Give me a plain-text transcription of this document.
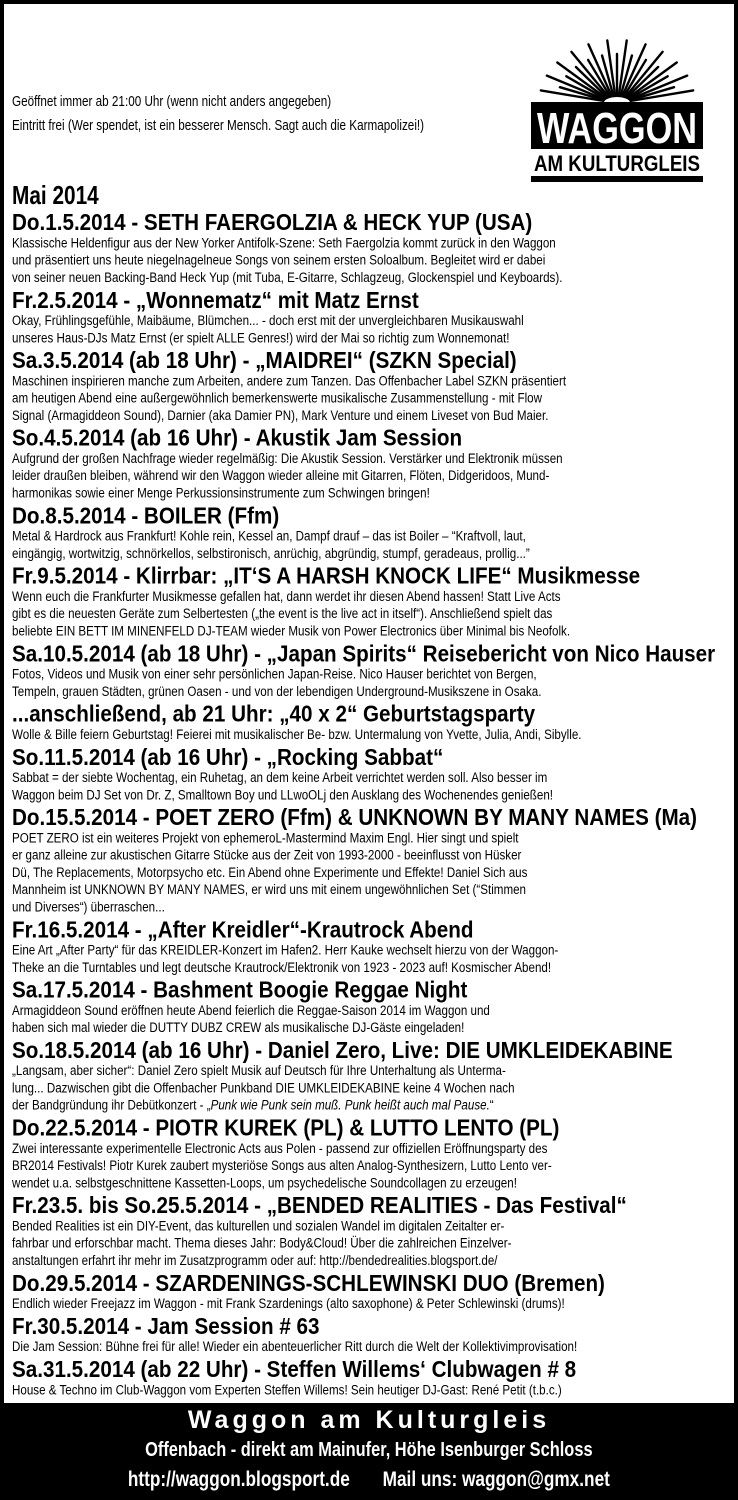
Geöffnet immer ab 21:00 Uhr (wenn nicht anders angegeben)
Eintritt frei (Wer spendet, ist ein besserer Mensch. Sagt auch die Karmapolizei!)	WAGGON
AM KULTURGLEIS
Mai 2014
Do.1.5.2014 - SETH FAERGOLZIA & HECK YUP (USA)
Klassische Heldenfigur aus der New Yorker Antifolk-Szene: Seth Faergolzia kommt zurück in den Waggon
und präsentiert uns heute niegelnagelneue Songs von seinem ersten Soloalbum. Begleitet wird er dabei
von seiner neuen Backing-Band Heck Yup (mit Tuba, E-Gitarre, Schlagzeug, Glockenspiel und Keyboards).
Fr.2.5.2014 - „Wonnematz“ mit Matz Ernst
Okay, Frühlingsgefühle, Maibäume, Blümchen... - doch erst mit der unvergleichbaren Musikauswahl
unseres Haus-DJs Matz Ernst (er spielt ALLE Genres!) wird der Mai so richtig zum Wonnemonat!
Sa.3.5.2014 (ab 18 Uhr) - „MAIDREI“ (SZKN Special)
Maschinen inspirieren manche zum Arbeiten, andere zum Tanzen. Das Offenbacher Label SZKN präsentiert
am heutigen Abend eine außergewöhnlich bemerkenswerte musikalische Zusammenstellung - mit Flow
Signal (Armagiddeon Sound), Darnier (aka Damier PN), Mark Venture und einem Liveset von Bud Maier.
So.4.5.2014 (ab 16 Uhr) - Akustik Jam Session
Aufgrund der großen Nachfrage wieder regelmäßig: Die Akustik Session. Verstärker und Elektronik müssen
leider draußen bleiben, während wir den Waggon wieder alleine mit Gitarren, Flöten, Didgeridoos, Mund-
harmonikas sowie einer Menge Perkussionsinstrumente zum Schwingen bringen!
Do.8.5.2014 - BOILER (Ffm)
Metal & Hardrock aus Frankfurt! Kohle rein, Kessel an, Dampf drauf – das ist Boiler – “Kraftvoll, laut,
eingängig, wortwitzig, schnörkellos, selbstironisch, anrüchig, abgründig, stumpf, geradeaus, prollig...”
Fr.9.5.2014 - Klirrbar: „IT‘S A HARSH KNOCK LIFE“ Musikmesse
Wenn euch die Frankfurter Musikmesse gefallen hat, dann werdet ihr diesen Abend hassen! Statt Live Acts
gibt es die neuesten Geräte zum Selbertesten („the event is the live act in itself“). Anschließend spielt das
beliebte EIN BETT IM MINENFELD DJ-TEAM wieder Musik von Power Electronics über Minimal bis Neofolk.
Sa.10.5.2014 (ab 18 Uhr) - „Japan Spirits“ Reisebericht von Nico Hauser
Fotos, Videos und Musik von einer sehr persönlichen Japan-Reise. Nico Hauser berichtet von Bergen,
Tempeln, grauen Städten, grünen Oasen - und von der lebendigen Underground-Musikszene in Osaka.
...anschließend, ab 21 Uhr: „40 x 2“ Geburtstagsparty
Wolle & Bille feiern Geburtstag! Feierei mit musikalischer Be- bzw. Untermalung von Yvette, Julia, Andi, Sibylle.
So.11.5.2014 (ab 16 Uhr) - „Rocking Sabbat“
Sabbat = der siebte Wochentag, ein Ruhetag, an dem keine Arbeit verrichtet werden soll. Also besser im
Waggon beim DJ Set von Dr. Z, Smalltown Boy und LLwoOLj den Ausklang des Wochenendes genießen!
Do.15.5.2014 - POET ZERO (Ffm) & UNKNOWN BY MANY NAMES (Ma)
POET ZERO ist ein weiteres Projekt von ephemeroL-Mastermind Maxim Engl. Hier singt und spielt
er ganz alleine zur akustischen Gitarre Stücke aus der Zeit von 1993-2000 - beeinflusst von Hüsker
Dü, The Replacements, Motorpsycho etc. Ein Abend ohne Experimente und Effekte! Daniel Sich aus
Mannheim ist UNKNOWN BY MANY NAMES, er wird uns mit einem ungewöhnlichen Set (“Stimmen
und Diverses“) überraschen...
Fr.16.5.2014 - „After Kreidler“-Krautrock Abend
Eine Art „After Party“ für das KREIDLER-Konzert im Hafen2. Herr Kauke wechselt hierzu von der Waggon-
Theke an die Turntables und legt deutsche Krautrock/Elektronik von 1923 - 2023 auf! Kosmischer Abend!
Sa.17.5.2014 - Bashment Boogie Reggae Night
Armagiddeon Sound eröffnen heute Abend feierlich die Reggae-Saison 2014 im Waggon und
haben sich mal wieder die DUTTY DUBZ CREW als musikalische DJ-Gäste eingeladen!
So.18.5.2014 (ab 16 Uhr) - Daniel Zero, Live: DIE UMKLEIDEKABINE
„Langsam, aber sicher“: Daniel Zero spielt Musik auf Deutsch für Ihre Unterhaltung als Unterma-
lung... Dazwischen gibt die Offenbacher Punkband DIE UMKLEIDEKABINE keine 4 Wochen nach
der Bandgründung ihr Debütkonzert - „Punk wie Punk sein muß. Punk heißt auch mal Pause.“
Do.22.5.2014 - PIOTR KUREK (PL) & LUTTO LENTO (PL)
Zwei interessante experimentelle Electronic Acts aus Polen - passend zur offiziellen Eröffnungsparty des
BR2014 Festivals! Piotr Kurek zaubert mysteriöse Songs aus alten Analog-Synthesizern, Lutto Lento ver-
wendet u.a. selbstgeschnittene Kassetten-Loops, um psychedelische Soundcollagen zu erzeugen!
Fr.23.5. bis So.25.5.2014 - „BENDED REALITIES - Das Festival“
Bended Realities ist ein DIY-Event, das kulturellen und sozialen Wandel im digitalen Zeitalter er-
fahrbar und erforschbar macht. Thema dieses Jahr: Body&Cloud! Über die zahlreichen Einzelver-
anstaltungen erfahrt ihr mehr im Zusatzprogramm oder auf: http://bendedrealities.blogsport.de/
Do.29.5.2014 - SZARDENINGS-SCHLEWINSKI DUO (Bremen)
Endlich wieder Freejazz im Waggon - mit Frank Szardenings (alto saxophone) & Peter Schlewinski (drums)!
Fr.30.5.2014 - Jam Session # 63
Die Jam Session: Bühne frei für alle! Wieder ein abenteuerlicher Ritt durch die Welt der Kollektivimprovisation!
Sa.31.5.2014 (ab 22 Uhr) - Steffen Willems‘ Clubwagen # 8
House & Techno im Club-Waggon vom Experten Steffen Willems! Sein heutiger DJ-Gast: René Petit (t.b.c.)
Waggon am Kulturgleis
Offenbach - direkt am Mainufer, Höhe Isenburger Schloss
http://waggon.blogsport.de Mail uns: waggon@gmx.net
